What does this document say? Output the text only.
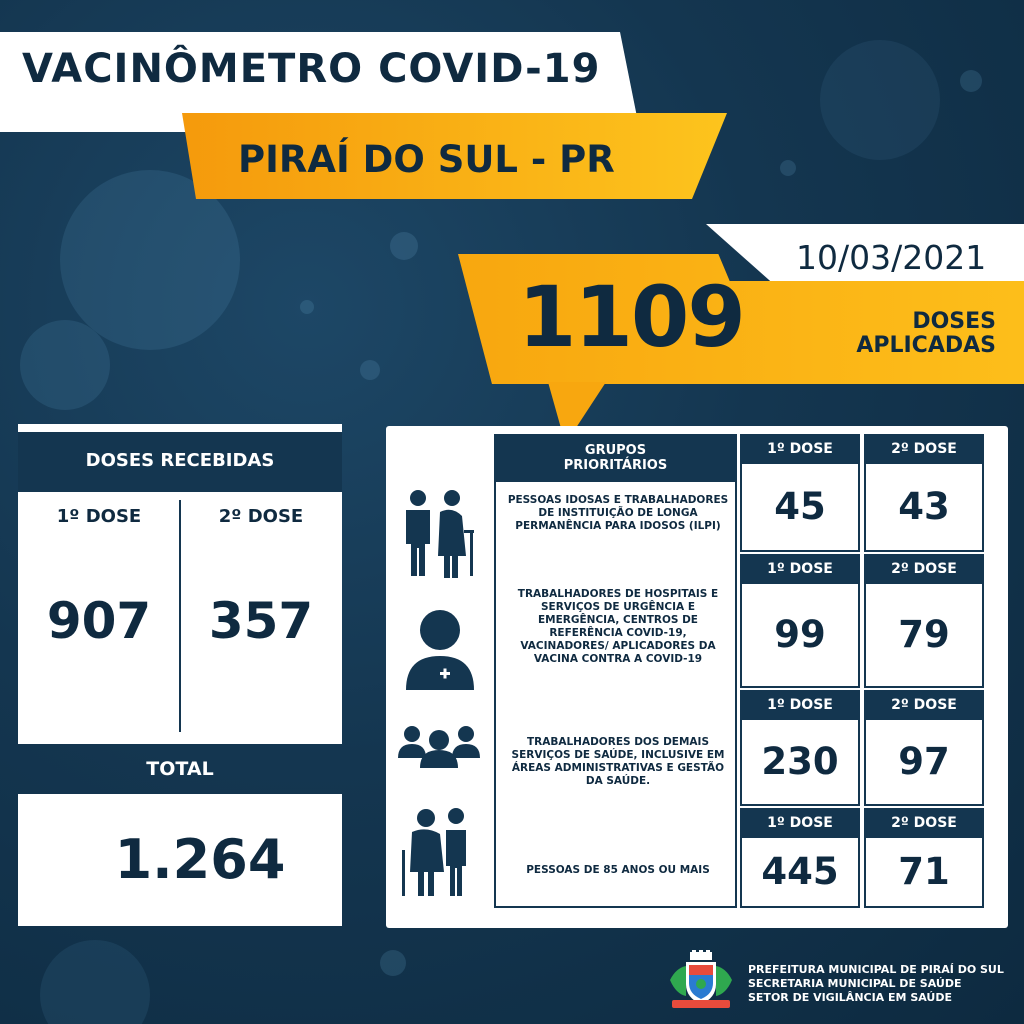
VACINÔMETRO COVID-19
PIRAÍ DO SUL - PR
10/03/2021
1109	DOSES
APLICADAS
DOSES RECEBIDAS
1º DOSE	2º DOSE
907	357
TOTAL
1.264
GRUPOS
PRIORITÁRIOS
PESSOAS IDOSAS E TRABALHADORES DE INSTITUIÇÃO DE LONGA PERMANÊNCIA PARA IDOSOS (ILPI)
1º DOSE	2º DOSE
45	43
TRABALHADORES DE HOSPITAIS E SERVIÇOS DE URGÊNCIA E EMERGÊNCIA, CENTROS DE REFERÊNCIA COVID-19, VACINADORES/ APLICADORES DA VACINA CONTRA A COVID-19
1º DOSE	2º DOSE
99	79
TRABALHADORES DOS DEMAIS SERVIÇOS DE SAÚDE, INCLUSIVE EM ÁREAS ADMINISTRATIVAS E GESTÃO DA SAÚDE.
1º DOSE	2º DOSE
230	97
PESSOAS DE 85 ANOS OU MAIS
1º DOSE	2º DOSE
445	71
PREFEITURA MUNICIPAL DE PIRAÍ DO SUL
SECRETARIA MUNICIPAL DE SAÚDE
SETOR DE VIGILÂNCIA EM SAÚDE
